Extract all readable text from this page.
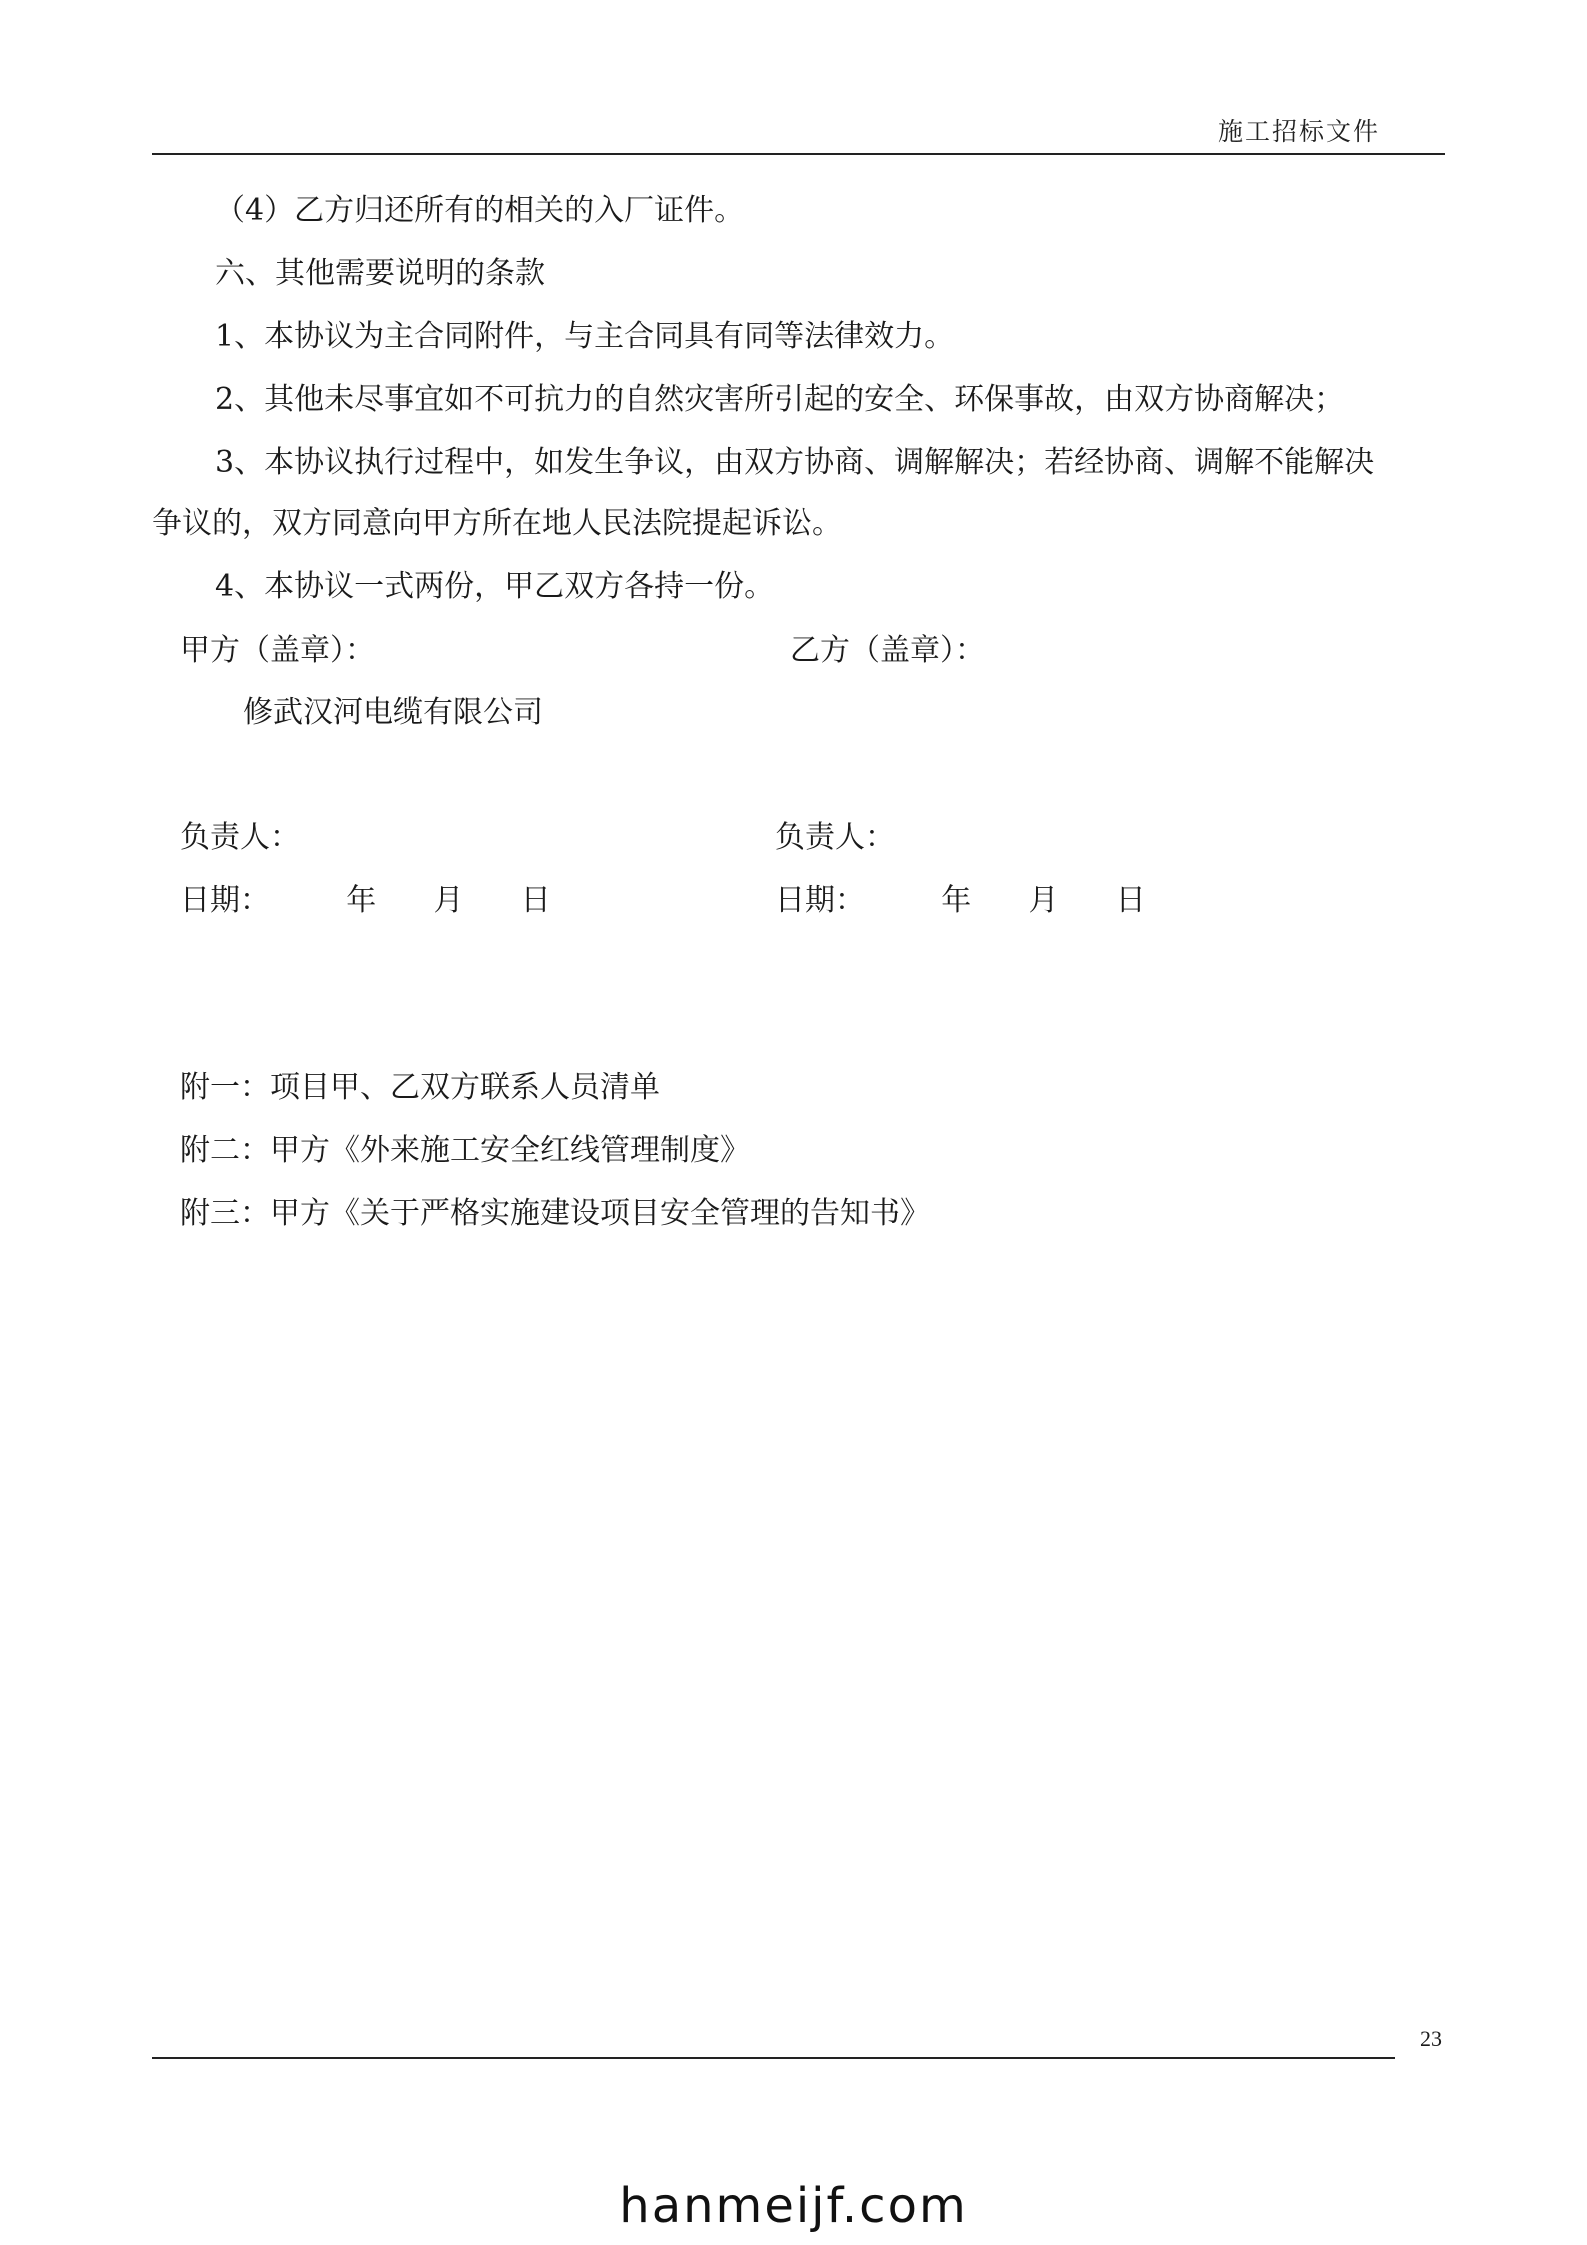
施工招标文件
（4）乙方归还所有的相关的入厂证件。
六、其他需要说明的条款
1、本协议为主合同附件，与主合同具有同等法律效力。
2、其他未尽事宜如不可抗力的自然灾害所引起的安全、环保事故，由双方协商解决；
3、本协议执行过程中，如发生争议，由双方协商、调解解决；若经协商、调解不能解决
争议的，双方同意向甲方所在地人民法院提起诉讼。
4、本协议一式两份，甲乙双方各持一份。
甲方（盖章）：	乙方（盖章）：
修武汉河电缆有限公司
负责人：	负责人：
日期：        年      月      日	日期：        年      月      日
附一：项目甲、乙双方联系人员清单
附二：甲方《外来施工安全红线管理制度》
附三：甲方《关于严格实施建设项目安全管理的告知书》
23
hanmeijf.com
